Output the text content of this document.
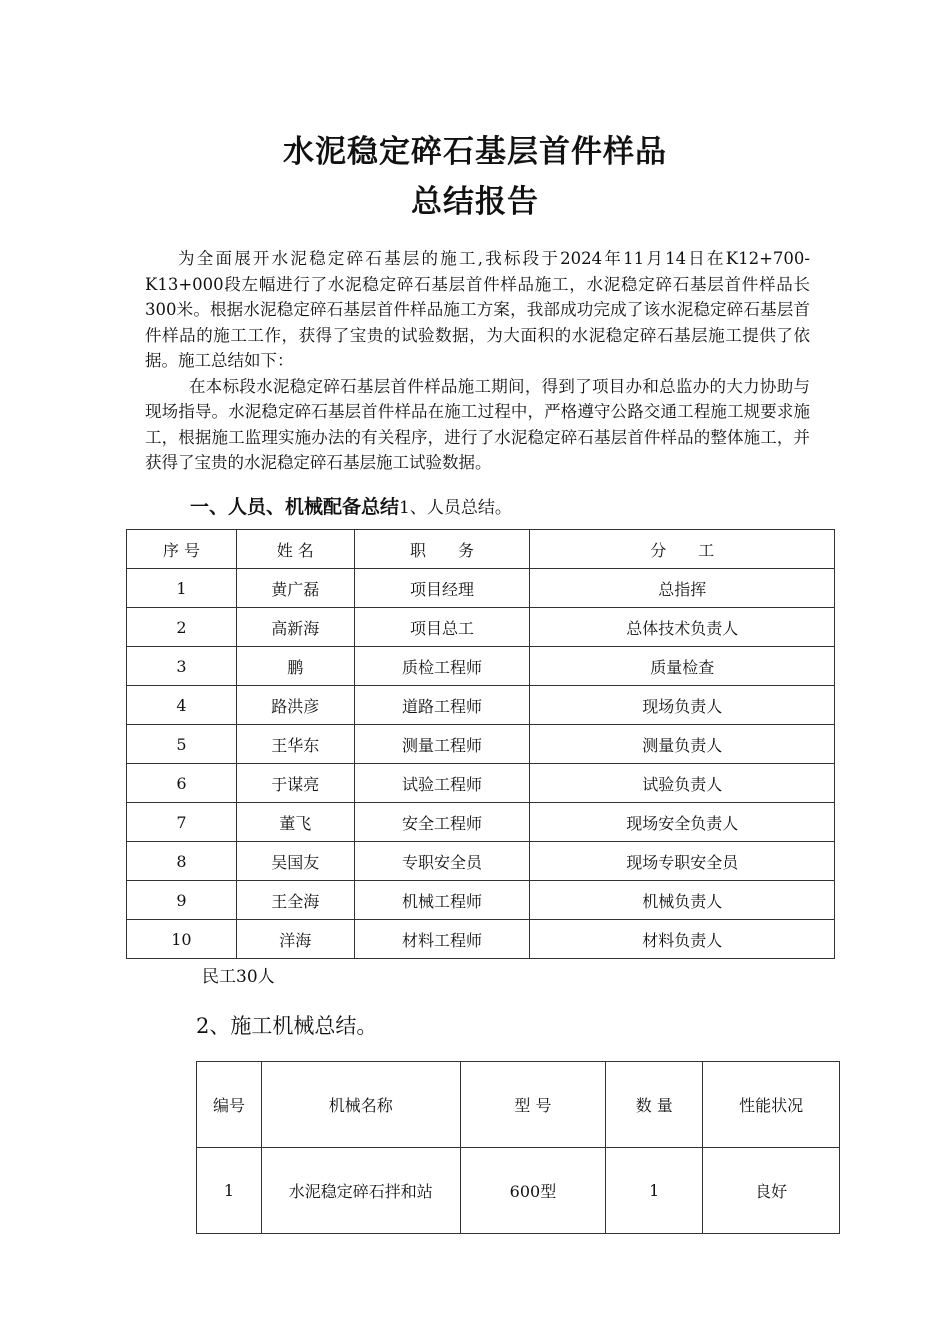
水泥稳定碎石基层首件样品
总结报告

为全面展开水泥稳定碎石基层的施工,我标段于2024年11月14日在K12+700-K13+000段左幅进行了水泥稳定碎石基层首件样品施工，水泥稳定碎石基层首件样品长300米。根据水泥稳定碎石基层首件样品施工方案，我部成功完成了该水泥稳定碎石基层首件样品的施工工作，获得了宝贵的试验数据，为大面积的水泥稳定碎石基层施工提供了依据。施工总结如下：

在本标段水泥稳定碎石基层首件样品施工期间，得到了项目办和总监办的大力协助与现场指导。水泥稳定碎石基层首件样品在施工过程中，严格遵守公路交通工程施工规要求施工，根据施工监理实施办法的有关程序，进行了水泥稳定碎石基层首件样品的整体施工，并获得了宝贵的水泥稳定碎石基层施工试验数据。

一、人员、机械配备总结1、人员总结。
序 号	姓 名	职　　务	分　　工
1	黄广磊	项目经理	总指挥
2	高新海	项目总工	总体技术负责人
3	鹏	质检工程师	质量检查
4	路洪彦	道路工程师	现场负责人
5	王华东	测量工程师	测量负责人
6	于谋亮	试验工程师	试验负责人
7	董飞	安全工程师	现场安全负责人
8	吴国友	专职安全员	现场专职安全员
9	王全海	机械工程师	机械负责人
10	洋海	材料工程师	材料负责人
民工30人
2、施工机械总结。
编号	机械名称	型 号	数 量	性能状况
1	水泥稳定碎石拌和站	600型	1	良好
